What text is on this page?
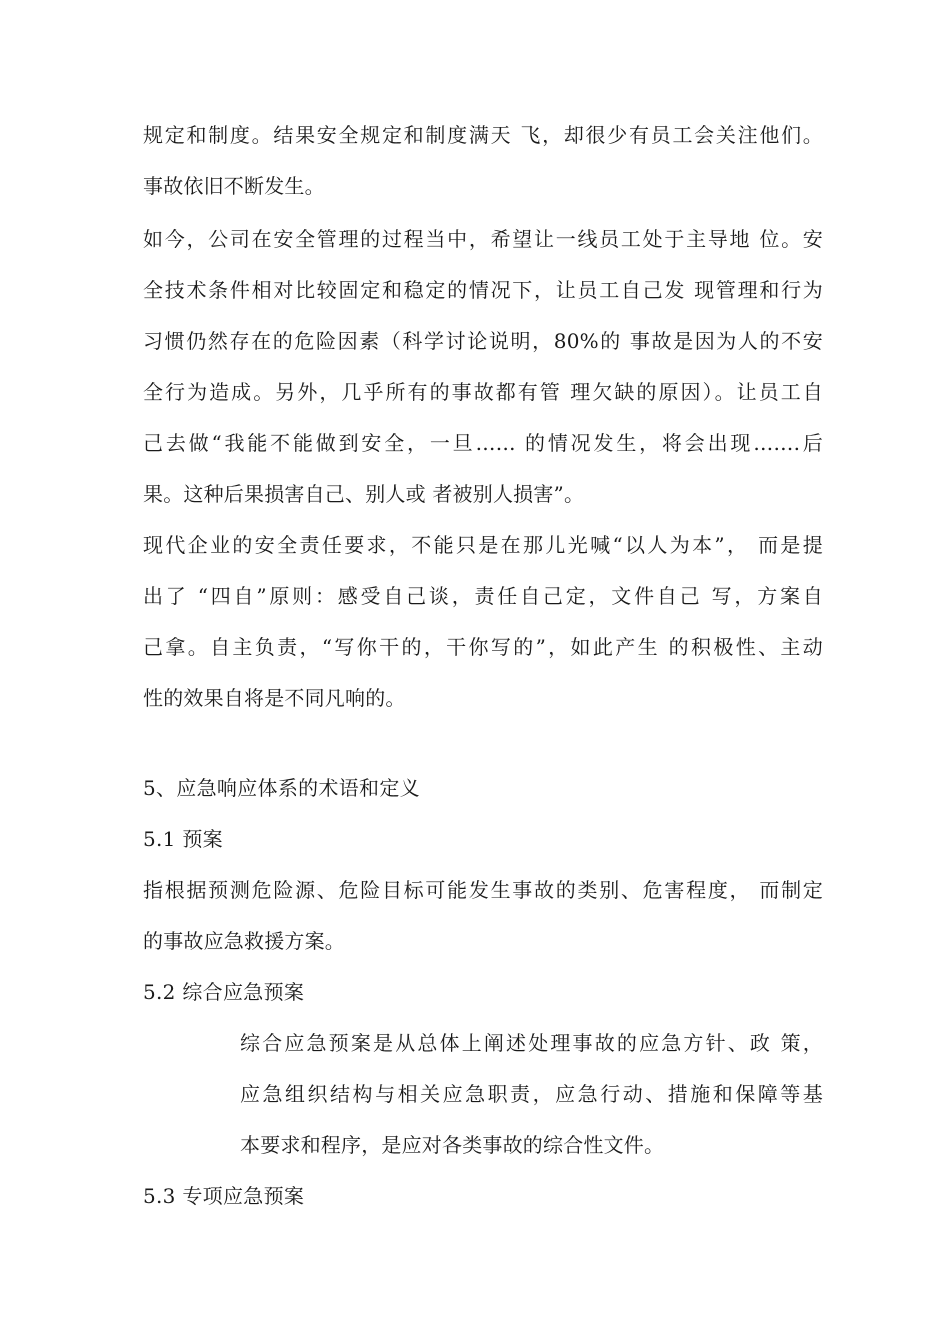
规定和制度。结果安全规定和制度满天 飞，却很少有员工会关注他们。
事故依旧不断发生。
如今，公司在安全管理的过程当中，希望让一线员工处于主导地 位。安
全技术条件相对比较固定和稳定的情况下，让员工自己发 现管理和行为
习惯仍然存在的危险因素（科学讨论说明，80%的 事故是因为人的不安
全行为造成。另外，几乎所有的事故都有管 理欠缺的原因）。让员工自
己去做“我能不能做到安全，一旦…… 的情况发生，将会出现…….后
果。这种后果损害自己、别人或 者被别人损害”。
现代企业的安全责任要求，不能只是在那儿光喊“以人为本”， 而是提
出了 “四自”原则：感受自己谈，责任自己定，文件自己 写，方案自
己拿。自主负责，“写你干的，干你写的”，如此产生 的积极性、主动
性的效果自将是不同凡响的。
5、应急响应体系的术语和定义
5.1 预案
指根据预测危险源、危险目标可能发生事故的类别、危害程度， 而制定
的事故应急救援方案。
5.2 综合应急预案
综合应急预案是从总体上阐述处理事故的应急方针、政 策，
应急组织结构与相关应急职责，应急行动、措施和保障等基
本要求和程序，是应对各类事故的综合性文件。
5.3 专项应急预案
